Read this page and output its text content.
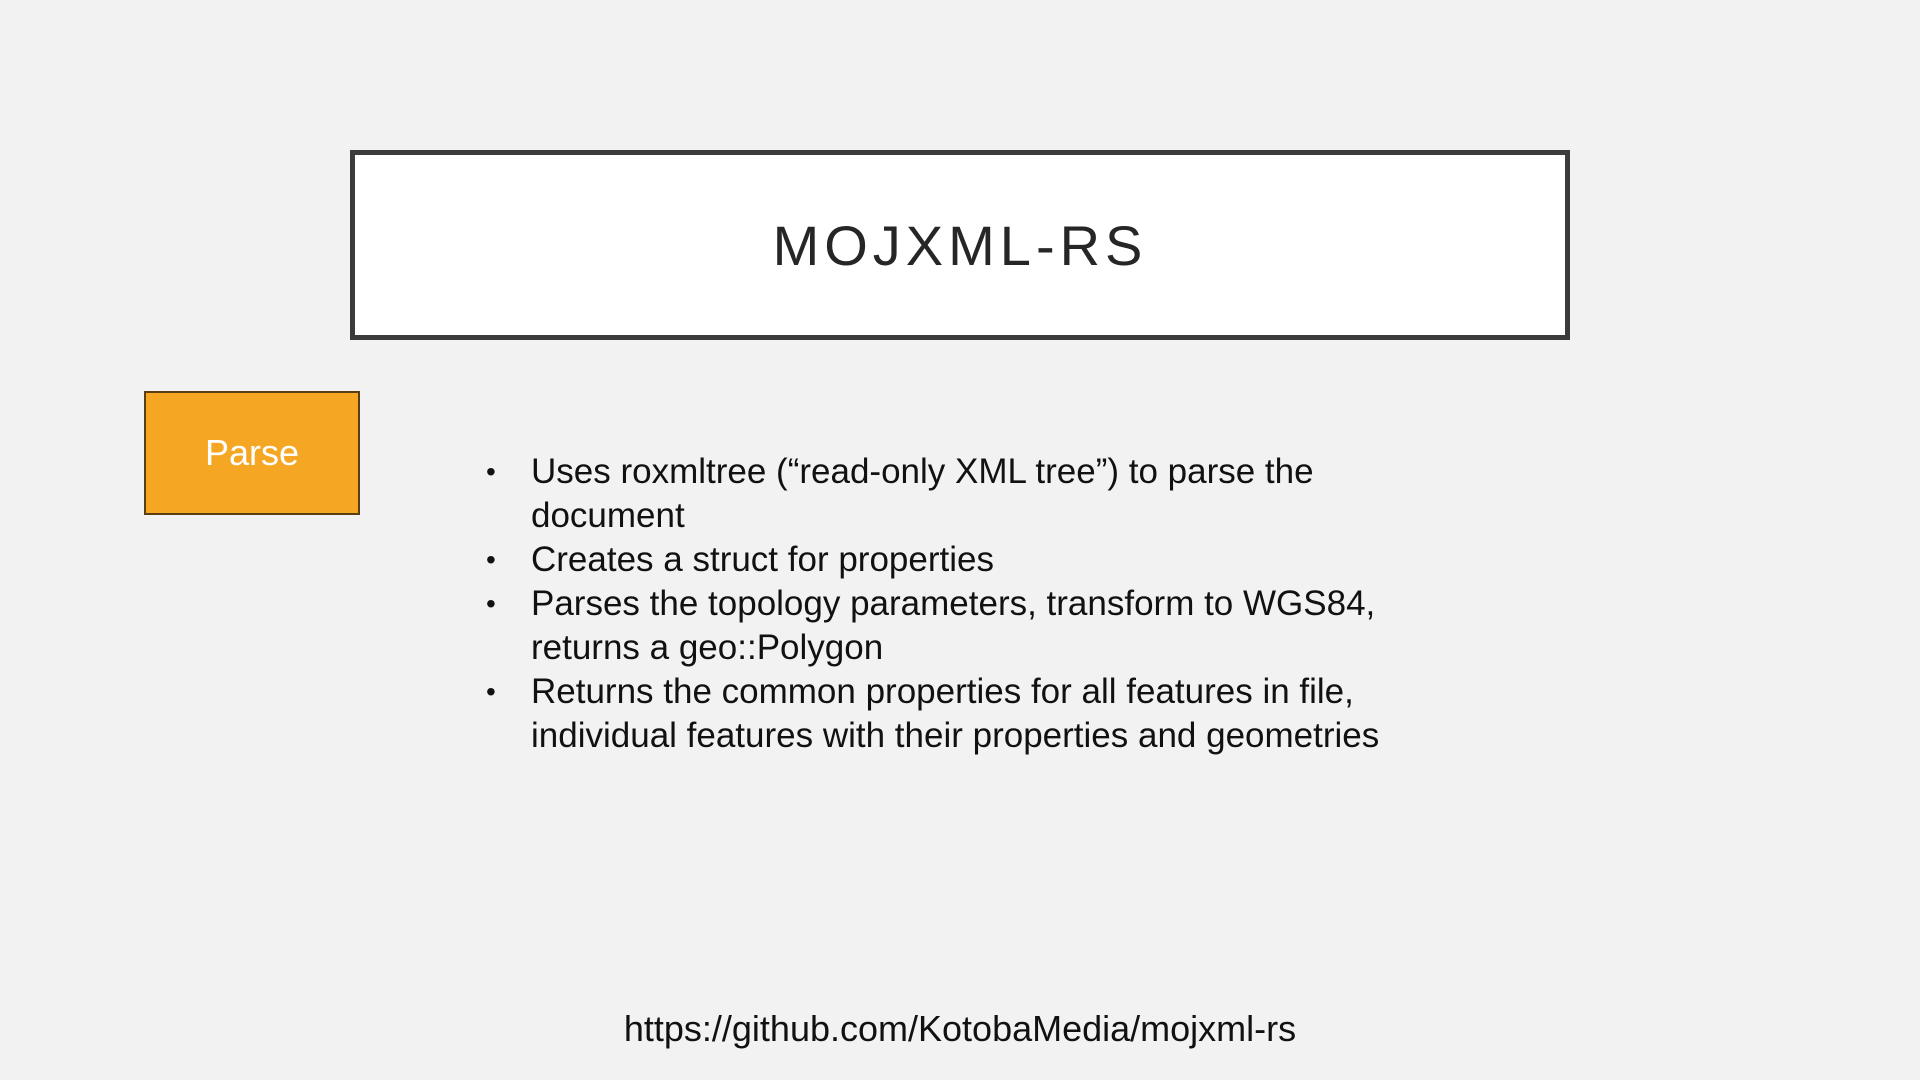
MOJXML-RS
Parse	• Uses roxmltree (“read-only XML tree”) to parse the document
• Creates a struct for properties
• Parses the topology parameters, transform to WGS84, returns a geo::Polygon
• Returns the common properties for all features in file, individual features with their properties and geometries
https://github.com/KotobaMedia/mojxml-rs
